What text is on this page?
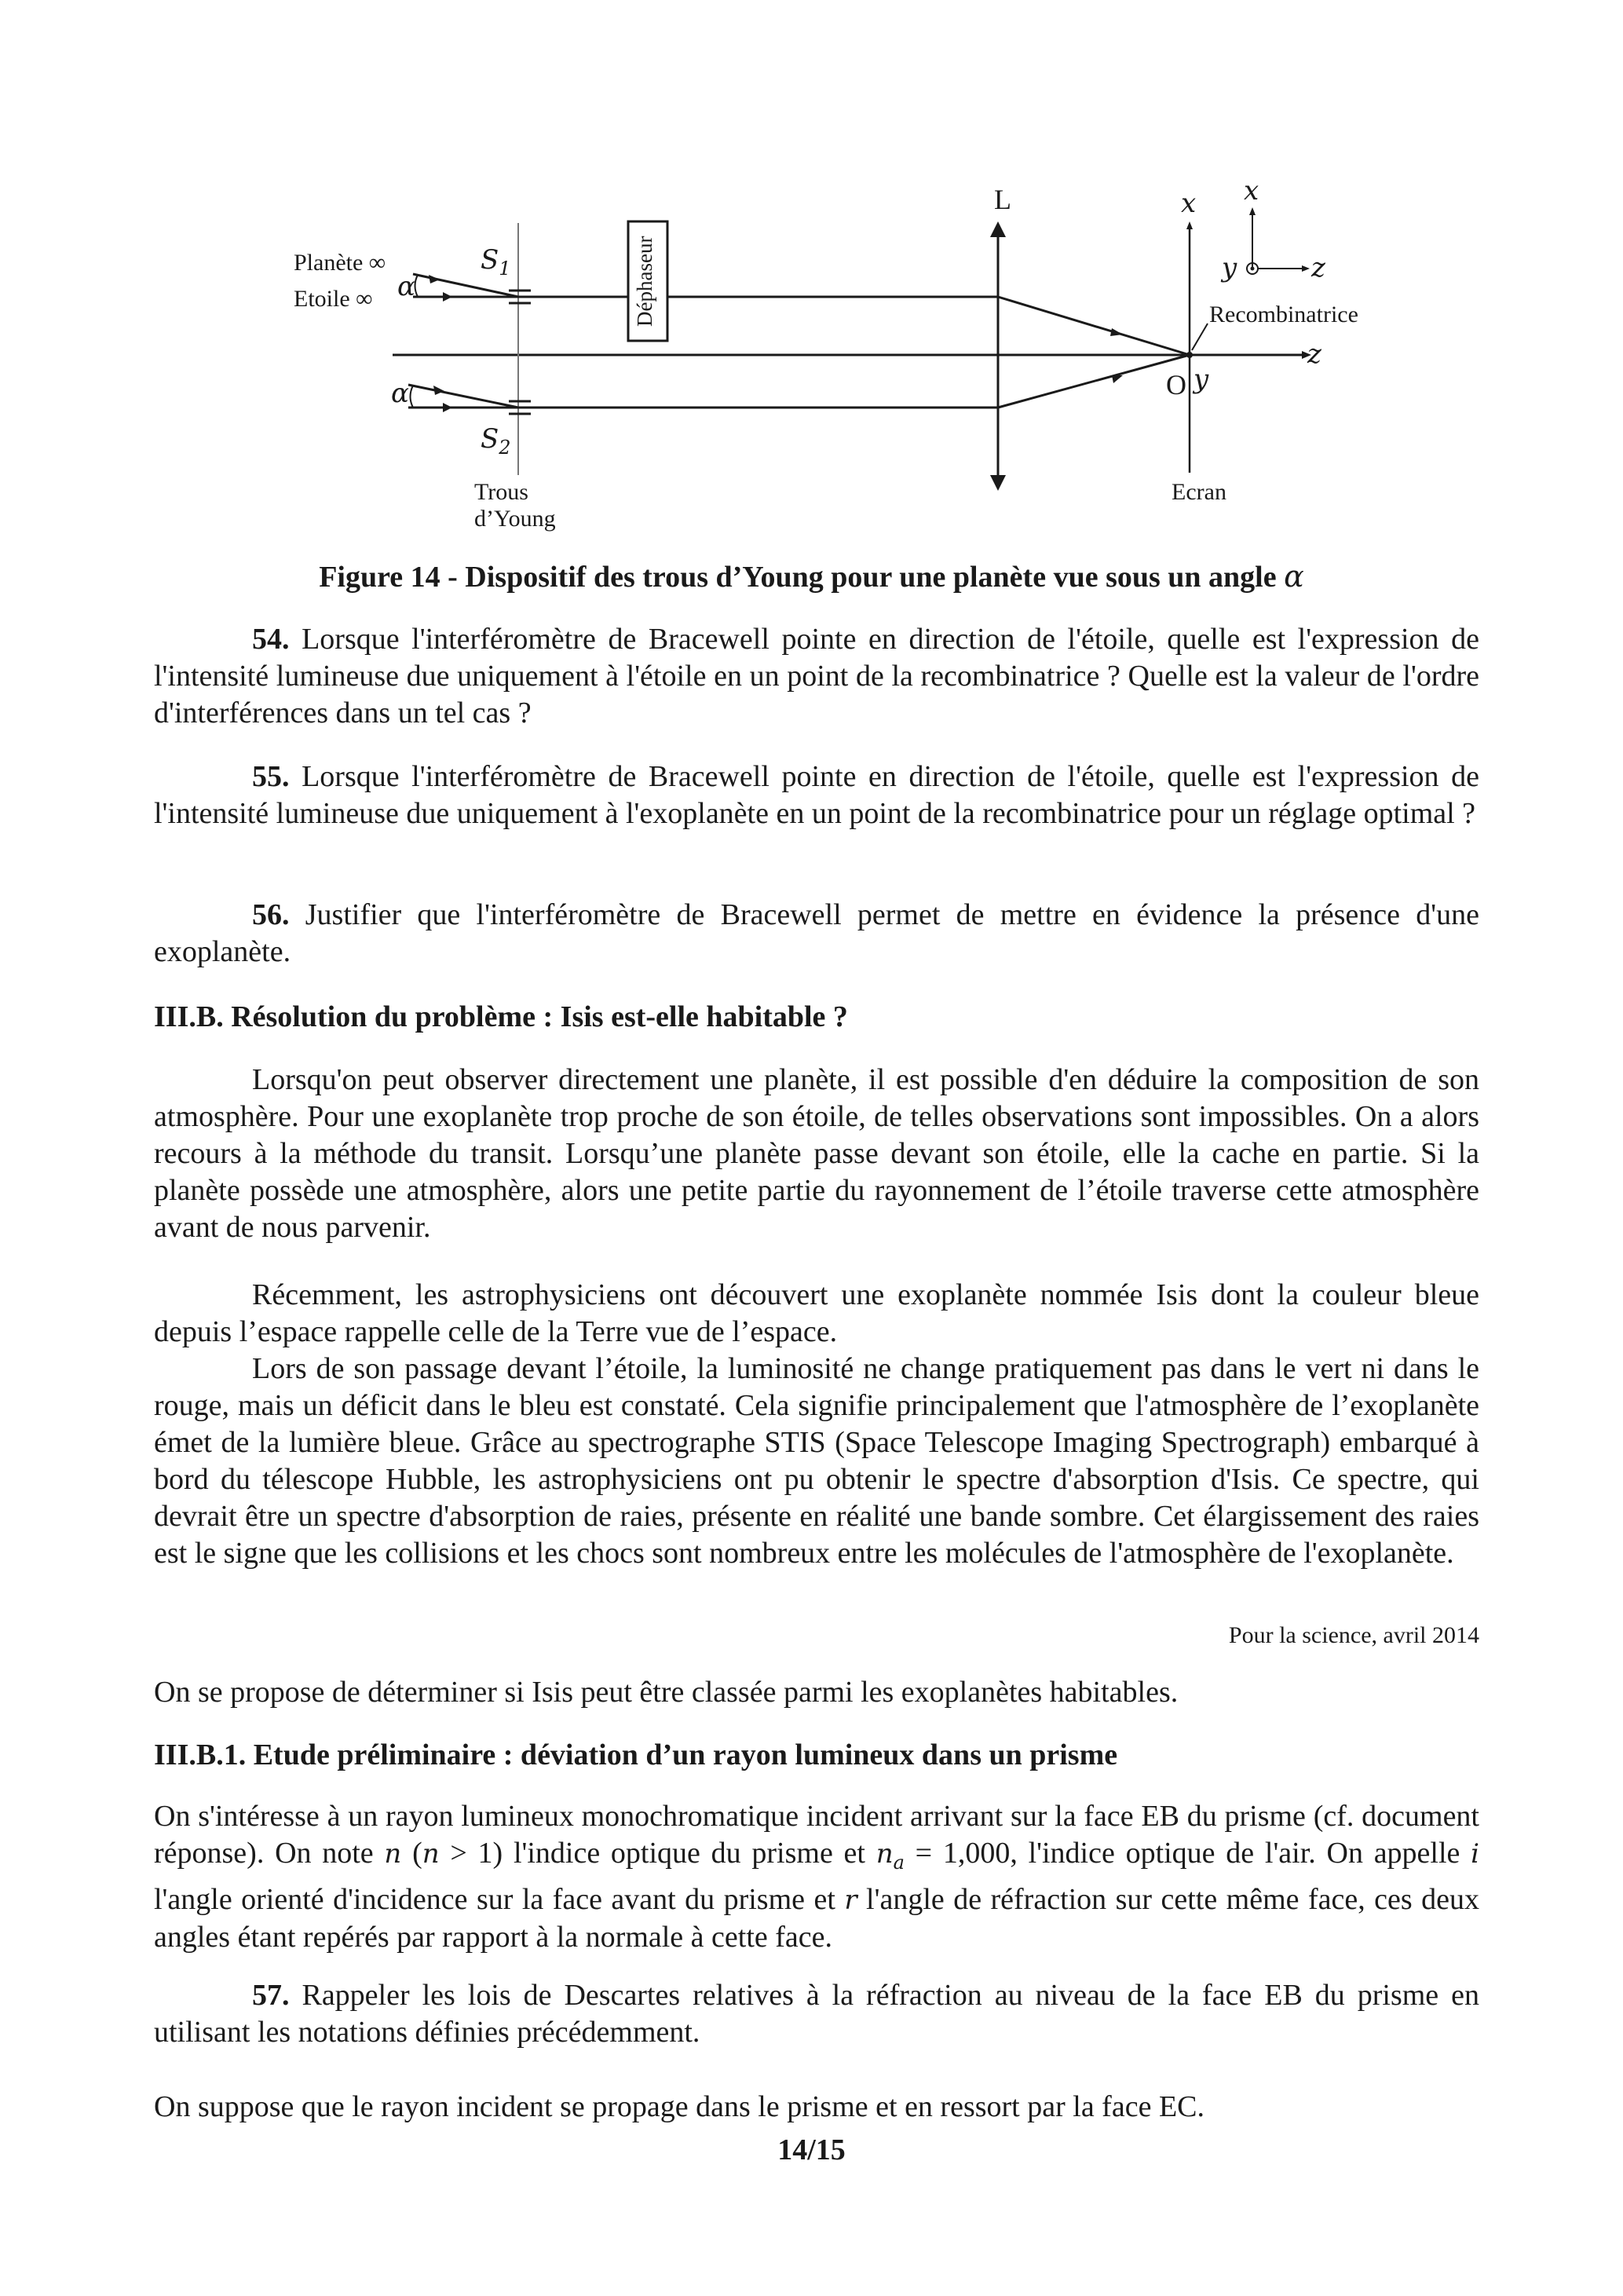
Planète ∞
Etoile ∞ α
α
$S_1$
$S_2$
Trous
d’Young
Déphaseur
L	x
Recombinatrice
O y
Ecran
z
x
y	z
Figure 14 - Dispositif des trous d’Young pour une planète vue sous un angle α

54. Lorsque l'interféromètre de Bracewell pointe en direction de l'étoile, quelle est l'expression de l'intensité lumineuse due uniquement à l'étoile en un point de la recombinatrice ? Quelle est la valeur de l'ordre d'interférences dans un tel cas ?

55. Lorsque l'interféromètre de Bracewell pointe en direction de l'étoile, quelle est l'expression de l'intensité lumineuse due uniquement à l'exoplanète en un point de la recombinatrice pour un réglage optimal ?

56. Justifier que l'interféromètre de Bracewell permet de mettre en évidence la présence d'une exoplanète.

III.B. Résolution du problème : Isis est-elle habitable ?

Lorsqu'on peut observer directement une planète, il est possible d'en déduire la composition de son atmosphère. Pour une exoplanète trop proche de son étoile, de telles observations sont impossibles. On a alors recours à la méthode du transit. Lorsqu’une planète passe devant son étoile, elle la cache en partie. Si la planète possède une atmosphère, alors une petite partie du rayonnement de l’étoile traverse cette atmosphère avant de nous parvenir.

Récemment, les astrophysiciens ont découvert une exoplanète nommée Isis dont la couleur bleue depuis l’espace rappelle celle de la Terre vue de l’espace.

Lors de son passage devant l’étoile, la luminosité ne change pratiquement pas dans le vert ni dans le rouge, mais un déficit dans le bleu est constaté. Cela signifie principalement que l'atmosphère de l’exoplanète émet de la lumière bleue. Grâce au spectrographe STIS (Space Telescope Imaging Spectrograph) embarqué à bord du télescope Hubble, les astrophysiciens ont pu obtenir le spectre d'absorption d'Isis. Ce spectre, qui devrait être un spectre d'absorption de raies, présente en réalité une bande sombre. Cet élargissement des raies est le signe que les collisions et les chocs sont nombreux entre les molécules de l'atmosphère de l'exoplanète.

Pour la science, avril 2014

On se propose de déterminer si Isis peut être classée parmi les exoplanètes habitables.

III.B.1. Etude préliminaire : déviation d’un rayon lumineux dans un prisme

On s'intéresse à un rayon lumineux monochromatique incident arrivant sur la face EB du prisme (cf. document réponse). On note n (n > 1) l'indice optique du prisme et $n_a = 1,000$, l'indice optique de l'air. On appelle i l'angle orienté d'incidence sur la face avant du prisme et r l'angle de réfraction sur cette même face, ces deux angles étant repérés par rapport à la normale à cette face.

57. Rappeler les lois de Descartes relatives à la réfraction au niveau de la face EB du prisme en utilisant les notations définies précédemment.

On suppose que le rayon incident se propage dans le prisme et en ressort par la face EC.

14/15
